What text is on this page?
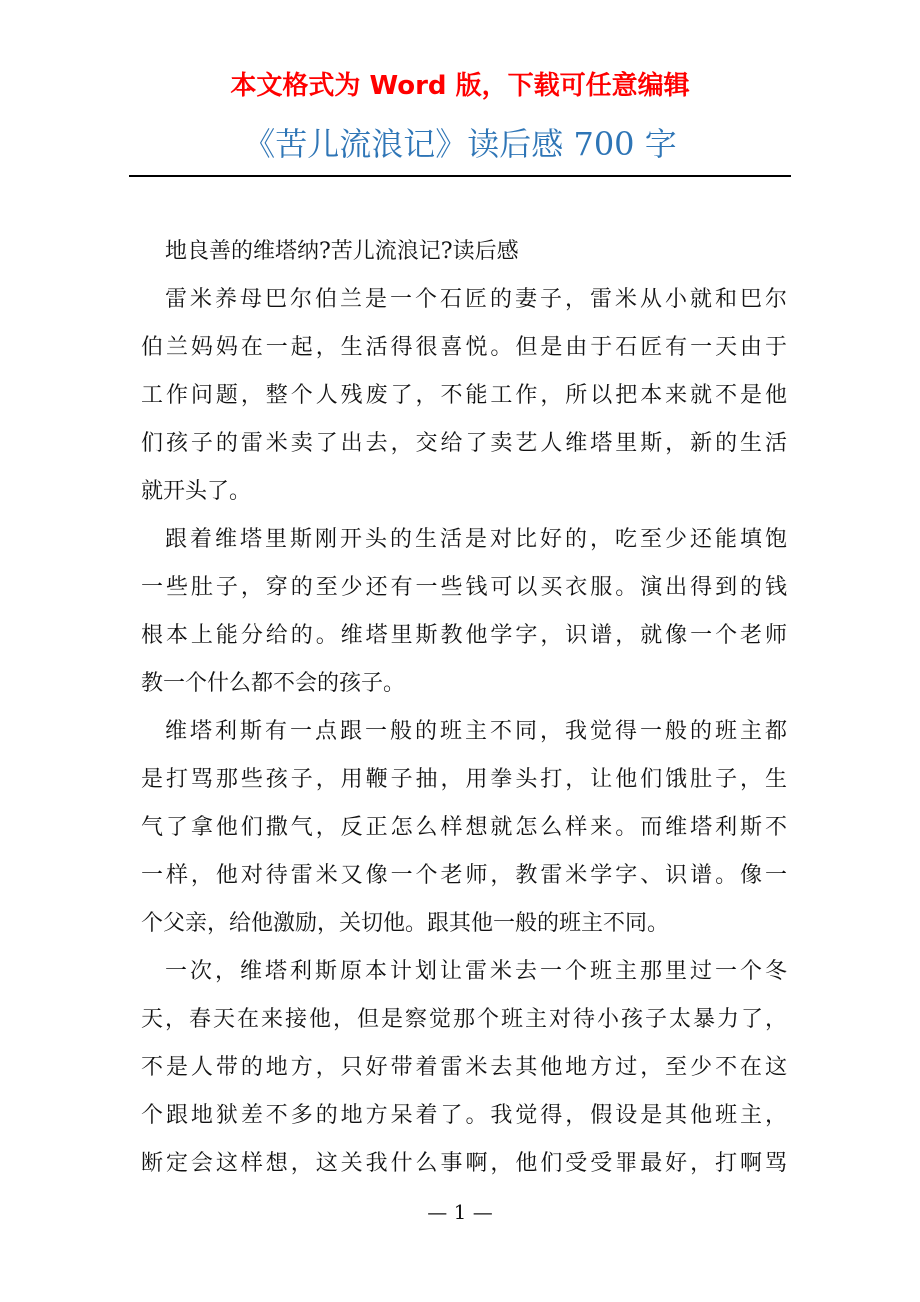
本文格式为 Word 版，下载可任意编辑
《苦儿流浪记》读后感 700 字
地良善的维塔纳?苦儿流浪记?读后感
雷米养母巴尔伯兰是一个石匠的妻子，雷米从小就和巴尔
伯兰妈妈在一起，生活得很喜悦。但是由于石匠有一天由于
工作问题，整个人残废了，不能工作，所以把本来就不是他
们孩子的雷米卖了出去，交给了卖艺人维塔里斯，新的生活
就开头了。
跟着维塔里斯刚开头的生活是对比好的，吃至少还能填饱
一些肚子，穿的至少还有一些钱可以买衣服。演出得到的钱
根本上能分给的。维塔里斯教他学字，识谱，就像一个老师
教一个什么都不会的孩子。
维塔利斯有一点跟一般的班主不同，我觉得一般的班主都
是打骂那些孩子，用鞭子抽，用拳头打，让他们饿肚子，生
气了拿他们撒气，反正怎么样想就怎么样来。而维塔利斯不
一样，他对待雷米又像一个老师，教雷米学字、识谱。像一
个父亲，给他激励，关切他。跟其他一般的班主不同。
一次，维塔利斯原本计划让雷米去一个班主那里过一个冬
天，春天在来接他，但是察觉那个班主对待小孩子太暴力了，
不是人带的地方，只好带着雷米去其他地方过，至少不在这
个跟地狱差不多的地方呆着了。我觉得，假设是其他班主，
断定会这样想，这关我什么事啊，他们受受罪最好，打啊骂
— 1 —
